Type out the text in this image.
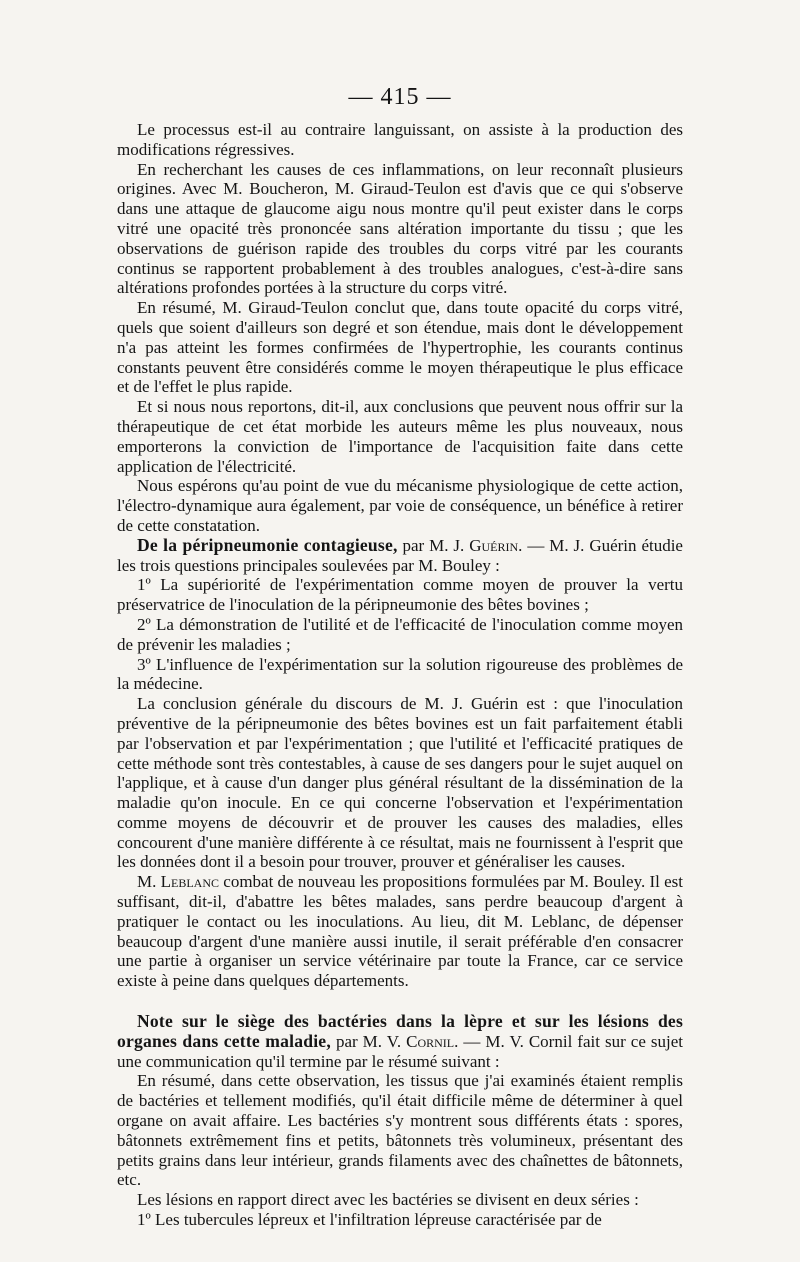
— 415 —

Le processus est-il au contraire languissant, on assiste à la production des modifications régressives.

En recherchant les causes de ces inflammations, on leur reconnaît plusieurs origines. Avec M. Boucheron, M. Giraud-Teulon est d'avis que ce qui s'observe dans une attaque de glaucome aigu nous montre qu'il peut exister dans le corps vitré une opacité très prononcée sans altération importante du tissu ; que les observations de guérison rapide des troubles du corps vitré par les courants continus se rapportent probablement à des troubles analogues, c'est-à-dire sans altérations profondes portées à la structure du corps vitré.

En résumé, M. Giraud-Teulon conclut que, dans toute opacité du corps vitré, quels que soient d'ailleurs son degré et son étendue, mais dont le développement n'a pas atteint les formes confirmées de l'hypertrophie, les courants continus constants peuvent être considérés comme le moyen thérapeutique le plus efficace et de l'effet le plus rapide.

Et si nous nous reportons, dit-il, aux conclusions que peuvent nous offrir sur la thérapeutique de cet état morbide les auteurs même les plus nouveaux, nous emporterons la conviction de l'importance de l'acquisition faite dans cette application de l'électricité.

Nous espérons qu'au point de vue du mécanisme physiologique de cette action, l'électro-dynamique aura également, par voie de conséquence, un bénéfice à retirer de cette constatation.

De la péripneumonie contagieuse, par M. J. Guérin. — M. J. Guérin étudie les trois questions principales soulevées par M. Bouley :

1º La supériorité de l'expérimentation comme moyen de prouver la vertu préservatrice de l'inoculation de la péripneumonie des bêtes bovines ;

2º La démonstration de l'utilité et de l'efficacité de l'inoculation comme moyen de prévenir les maladies ;

3º L'influence de l'expérimentation sur la solution rigoureuse des problèmes de la médecine.

La conclusion générale du discours de M. J. Guérin est : que l'inoculation préventive de la péripneumonie des bêtes bovines est un fait parfaitement établi par l'observation et par l'expérimentation ; que l'utilité et l'efficacité pratiques de cette méthode sont très contestables, à cause de ses dangers pour le sujet auquel on l'applique, et à cause d'un danger plus général résultant de la dissémination de la maladie qu'on inocule. En ce qui concerne l'observation et l'expérimentation comme moyens de découvrir et de prouver les causes des maladies, elles concourent d'une manière différente à ce résultat, mais ne fournissent à l'esprit que les données dont il a besoin pour trouver, prouver et généraliser les causes.

M. Leblanc combat de nouveau les propositions formulées par M. Bouley. Il est suffisant, dit-il, d'abattre les bêtes malades, sans perdre beaucoup d'argent à pratiquer le contact ou les inoculations. Au lieu, dit M. Leblanc, de dépenser beaucoup d'argent d'une manière aussi inutile, il serait préférable d'en consacrer une partie à organiser un service vétérinaire par toute la France, car ce service existe à peine dans quelques départements.

Note sur le siège des bactéries dans la lèpre et sur les lésions des organes dans cette maladie, par M. V. Cornil. — M. V. Cornil fait sur ce sujet une communication qu'il termine par le résumé suivant :

En résumé, dans cette observation, les tissus que j'ai examinés étaient remplis de bactéries et tellement modifiés, qu'il était difficile même de déterminer à quel organe on avait affaire. Les bactéries s'y montrent sous différents états : spores, bâtonnets extrêmement fins et petits, bâtonnets très volumineux, présentant des petits grains dans leur intérieur, grands filaments avec des chaînettes de bâtonnets, etc.

Les lésions en rapport direct avec les bactéries se divisent en deux séries :

1º Les tubercules lépreux et l'infiltration lépreuse caractérisée par de
